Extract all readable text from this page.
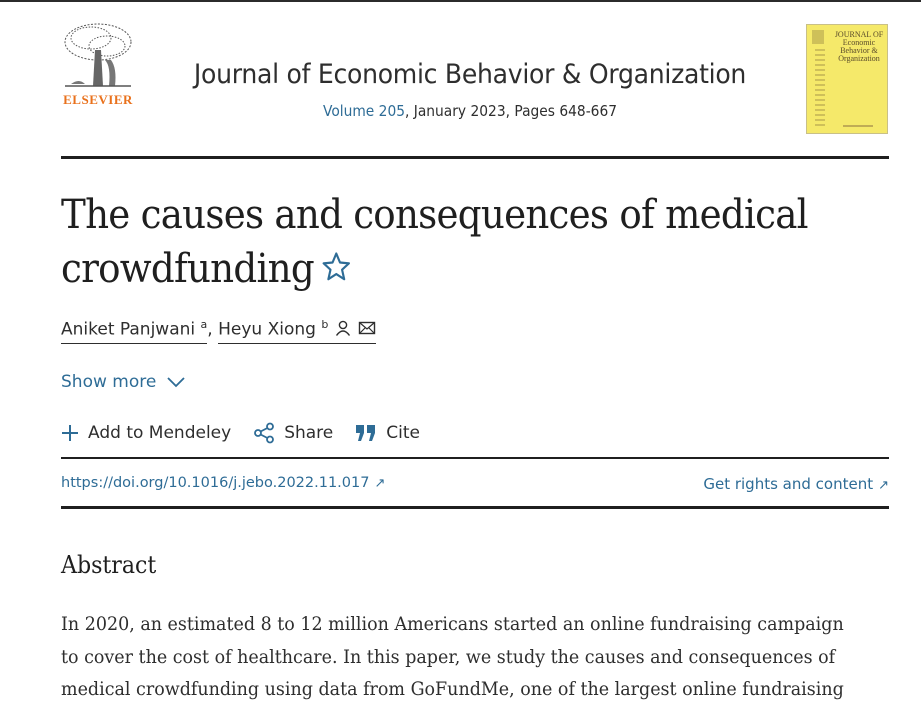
ELSEVIER
Journal of Economic Behavior & Organization
Volume 205, January 2023, Pages 648-667
JOURNAL OF
Economic
Behavior &
Organization
The causes and consequences of medical
crowdfunding
Aniket Panjwani $^a$, Heyu Xiong $^b$
Show more
Add to Mendeley	Share	Cite
https://doi.org/10.1016/j.jebo.2022.11.017 ↗	Get rights and content ↗
Abstract

In 2020, an estimated 8 to 12 million Americans started an online fundraising campaign
to cover the cost of healthcare. In this paper, we study the causes and consequences of
medical crowdfunding using data from GoFundMe, one of the largest online fundraising
